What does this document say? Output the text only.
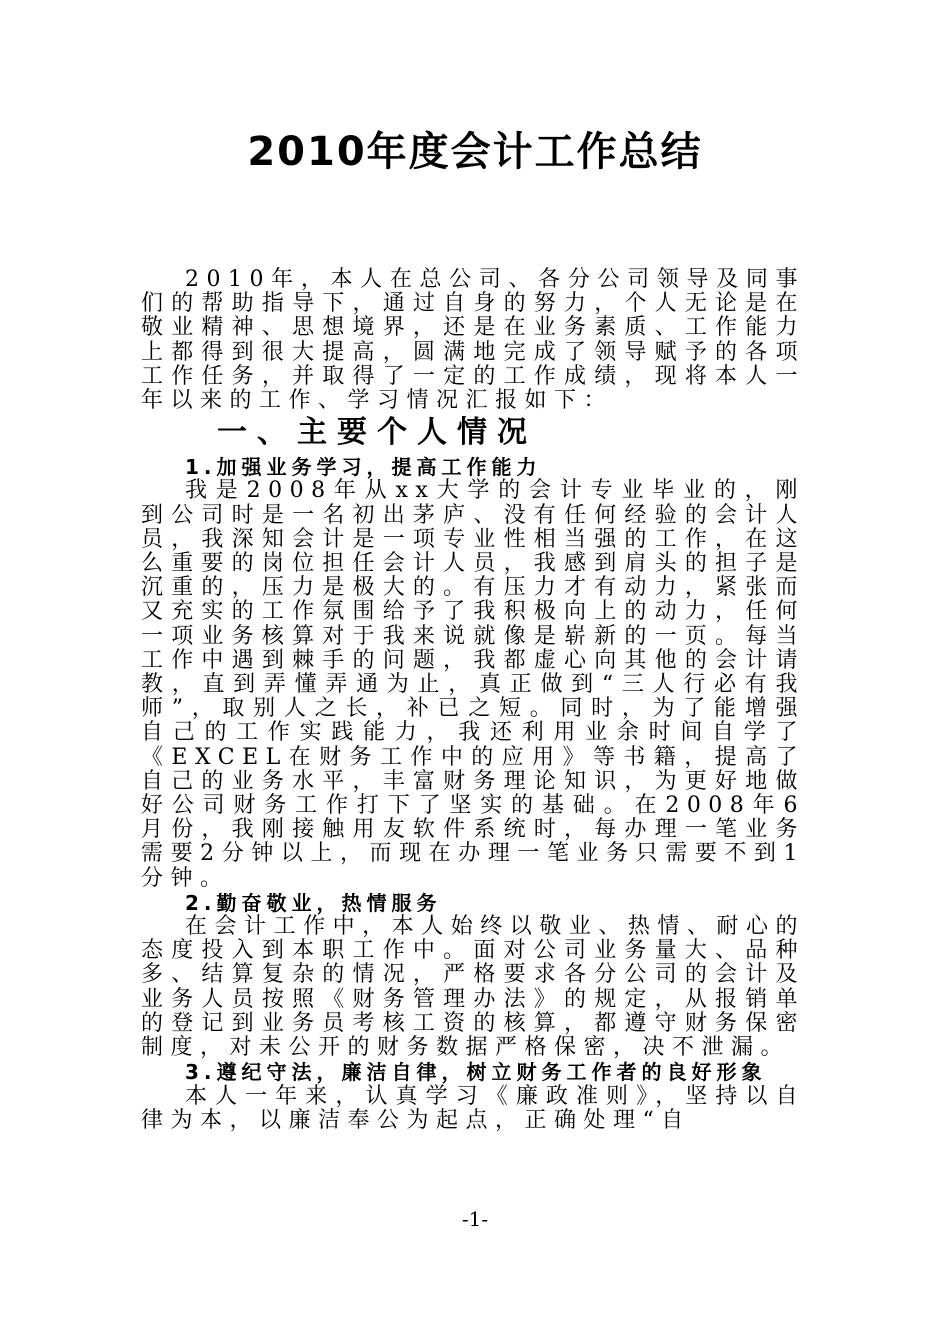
2010年度会计工作总结

2010年，本人在总公司、各分公司领导及同事们的帮助指导下，通过自身的努力，个人无论是在敬业精神、思想境界，还是在业务素质、工作能力上都得到很大提高，圆满地完成了领导赋予的各项工作任务，并取得了一定的工作成绩，现将本人一年以来的工作、学习情况汇报如下：

一、主要个人情况
1.加强业务学习，提高工作能力

我是2008年从xx大学的会计专业毕业的，刚到公司时是一名初出茅庐、没有任何经验的会计人员，我深知会计是一项专业性相当强的工作，在这么重要的岗位担任会计人员，我感到肩头的担子是沉重的，压力是极大的。有压力才有动力，紧张而又充实的工作氛围给予了我积极向上的动力，任何一项业务核算对于我来说就像是崭新的一页。每当工作中遇到棘手的问题，我都虚心向其他的会计请教，直到弄懂弄通为止，真正做到“三人行必有我师”，取别人之长，补已之短。同时，为了能增强自己的工作实践能力，我还利用业余时间自学了《EXCEL在财务工作中的应用》等书籍，提高了自己的业务水平，丰富财务理论知识，为更好地做好公司财务工作打下了坚实的基础。在2008年6月份，我刚接触用友软件系统时，每办理一笔业务需要2分钟以上，而现在办理一笔业务只需要不到1分钟。

2.勤奋敬业，热情服务

在会计工作中，本人始终以敬业、热情、耐心的态度投入到本职工作中。面对公司业务量大、品种多、结算复杂的情况，严格要求各分公司的会计及业务人员按照《财务管理办法》的规定，从报销单的登记到业务员考核工资的核算，都遵守财务保密制度，对未公开的财务数据严格保密，决不泄漏。

3.遵纪守法，廉洁自律，树立财务工作者的良好形象

本人一年来，认真学习《廉政准则》，坚持以自律为本，以廉洁奉公为起点，正确处理“自

-1-
